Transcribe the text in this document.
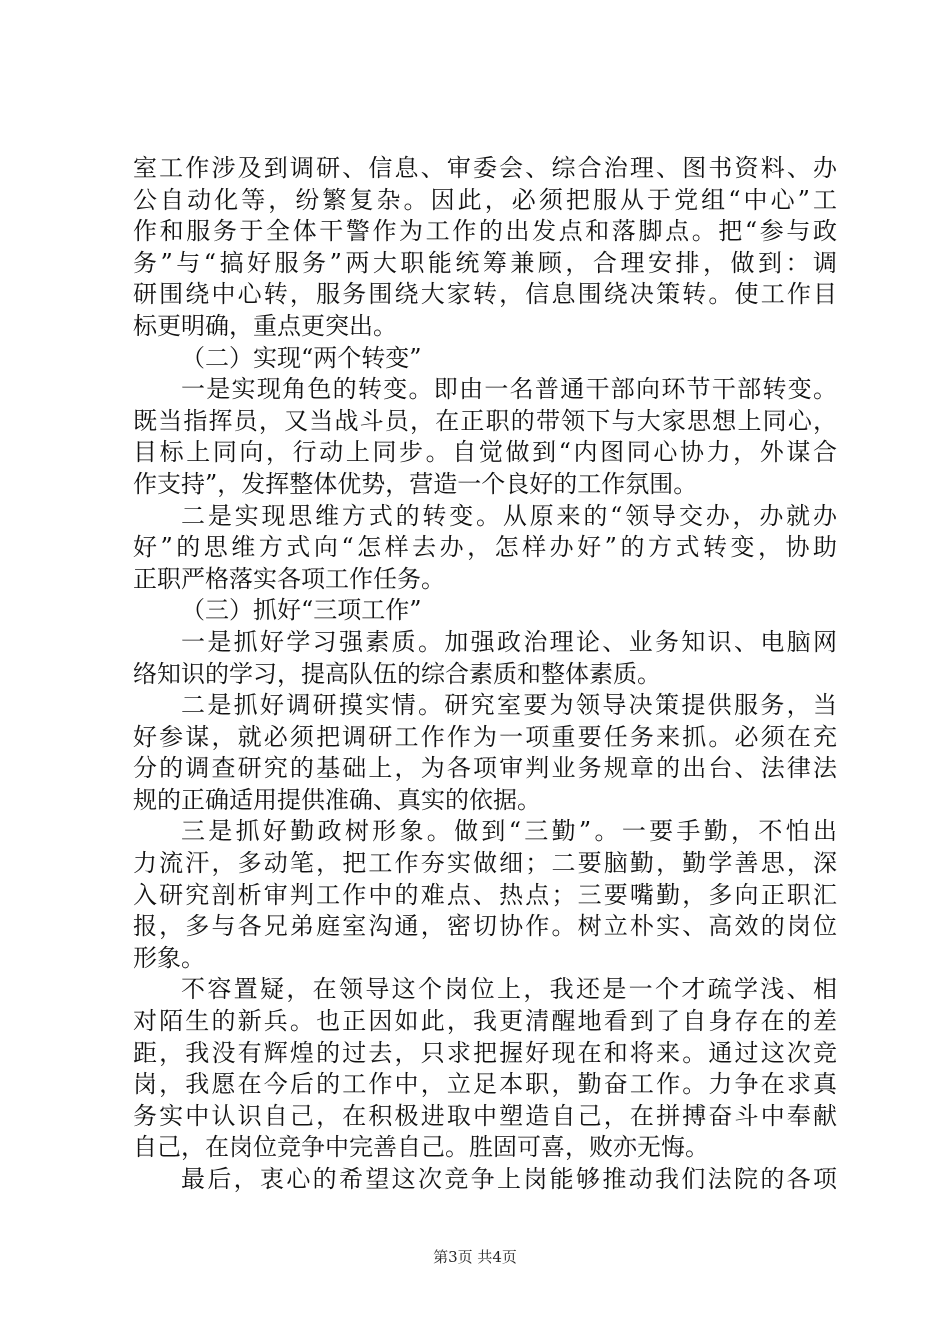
室工作涉及到调研、信息、审委会、综合治理、图书资料、办
公自动化等，纷繁复杂。因此，必须把服从于党组“中心”工
作和服务于全体干警作为工作的出发点和落脚点。把“参与政
务”与“搞好服务”两大职能统筹兼顾，合理安排，做到：调
研围绕中心转，服务围绕大家转，信息围绕决策转。使工作目
标更明确，重点更突出。
（二）实现“两个转变”
一是实现角色的转变。即由一名普通干部向环节干部转变。
既当指挥员，又当战斗员，在正职的带领下与大家思想上同心，
目标上同向，行动上同步。自觉做到“内图同心协力，外谋合
作支持”，发挥整体优势，营造一个良好的工作氛围。
二是实现思维方式的转变。从原来的“领导交办，办就办
好”的思维方式向“怎样去办，怎样办好”的方式转变，协助
正职严格落实各项工作任务。
（三）抓好“三项工作”
一是抓好学习强素质。加强政治理论、业务知识、电脑网
络知识的学习，提高队伍的综合素质和整体素质。
二是抓好调研摸实情。研究室要为领导决策提供服务，当
好参谋，就必须把调研工作作为一项重要任务来抓。必须在充
分的调查研究的基础上，为各项审判业务规章的出台、法律法
规的正确适用提供准确、真实的依据。
三是抓好勤政树形象。做到“三勤”。一要手勤，不怕出
力流汗，多动笔，把工作夯实做细；二要脑勤，勤学善思，深
入研究剖析审判工作中的难点、热点；三要嘴勤，多向正职汇
报，多与各兄弟庭室沟通，密切协作。树立朴实、高效的岗位
形象。
不容置疑，在领导这个岗位上，我还是一个才疏学浅、相
对陌生的新兵。也正因如此，我更清醒地看到了自身存在的差
距，我没有辉煌的过去，只求把握好现在和将来。通过这次竞
岗，我愿在今后的工作中，立足本职，勤奋工作。力争在求真
务实中认识自己，在积极进取中塑造自己，在拼搏奋斗中奉献
自己，在岗位竞争中完善自己。胜固可喜，败亦无悔。
最后，衷心的希望这次竞争上岗能够推动我们法院的各项
第3页 共4页
